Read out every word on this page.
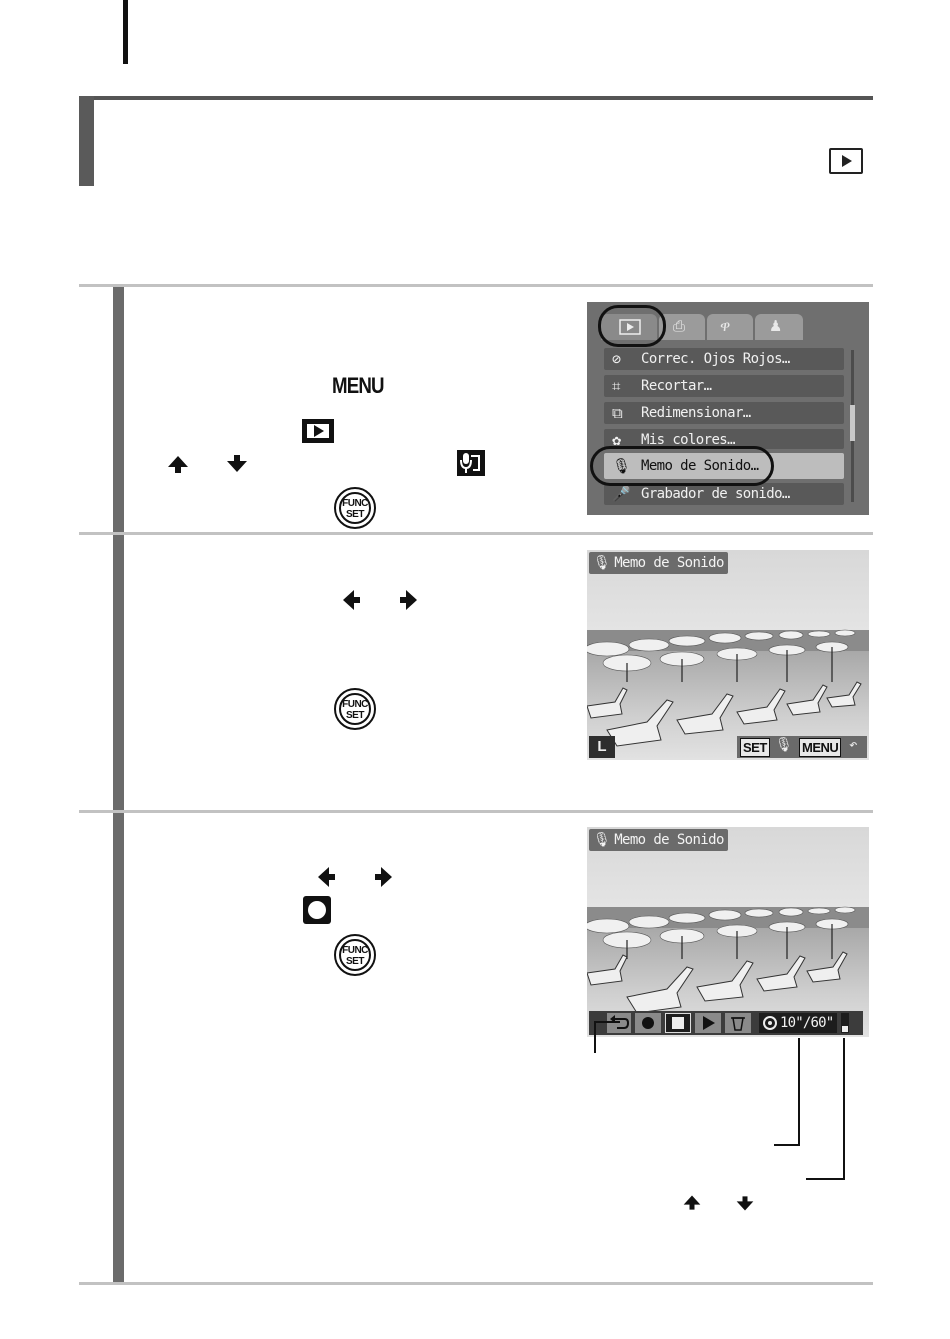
MENU
FUNC
SET
⎙ ዋ	♟
⊘ Correc. Ojos Rojos…
⌗ Recortar…
⧉ Redimensionar…
✿ Mis colores…
🎙 Memo de Sonido…
🎤 Grabador de sonido…
FUNC
SET
🎙 Memo de Sonido
L	SET 🎙 MENU ↶
FUNC
SET
🎙 Memo de Sonido
10"/60"
